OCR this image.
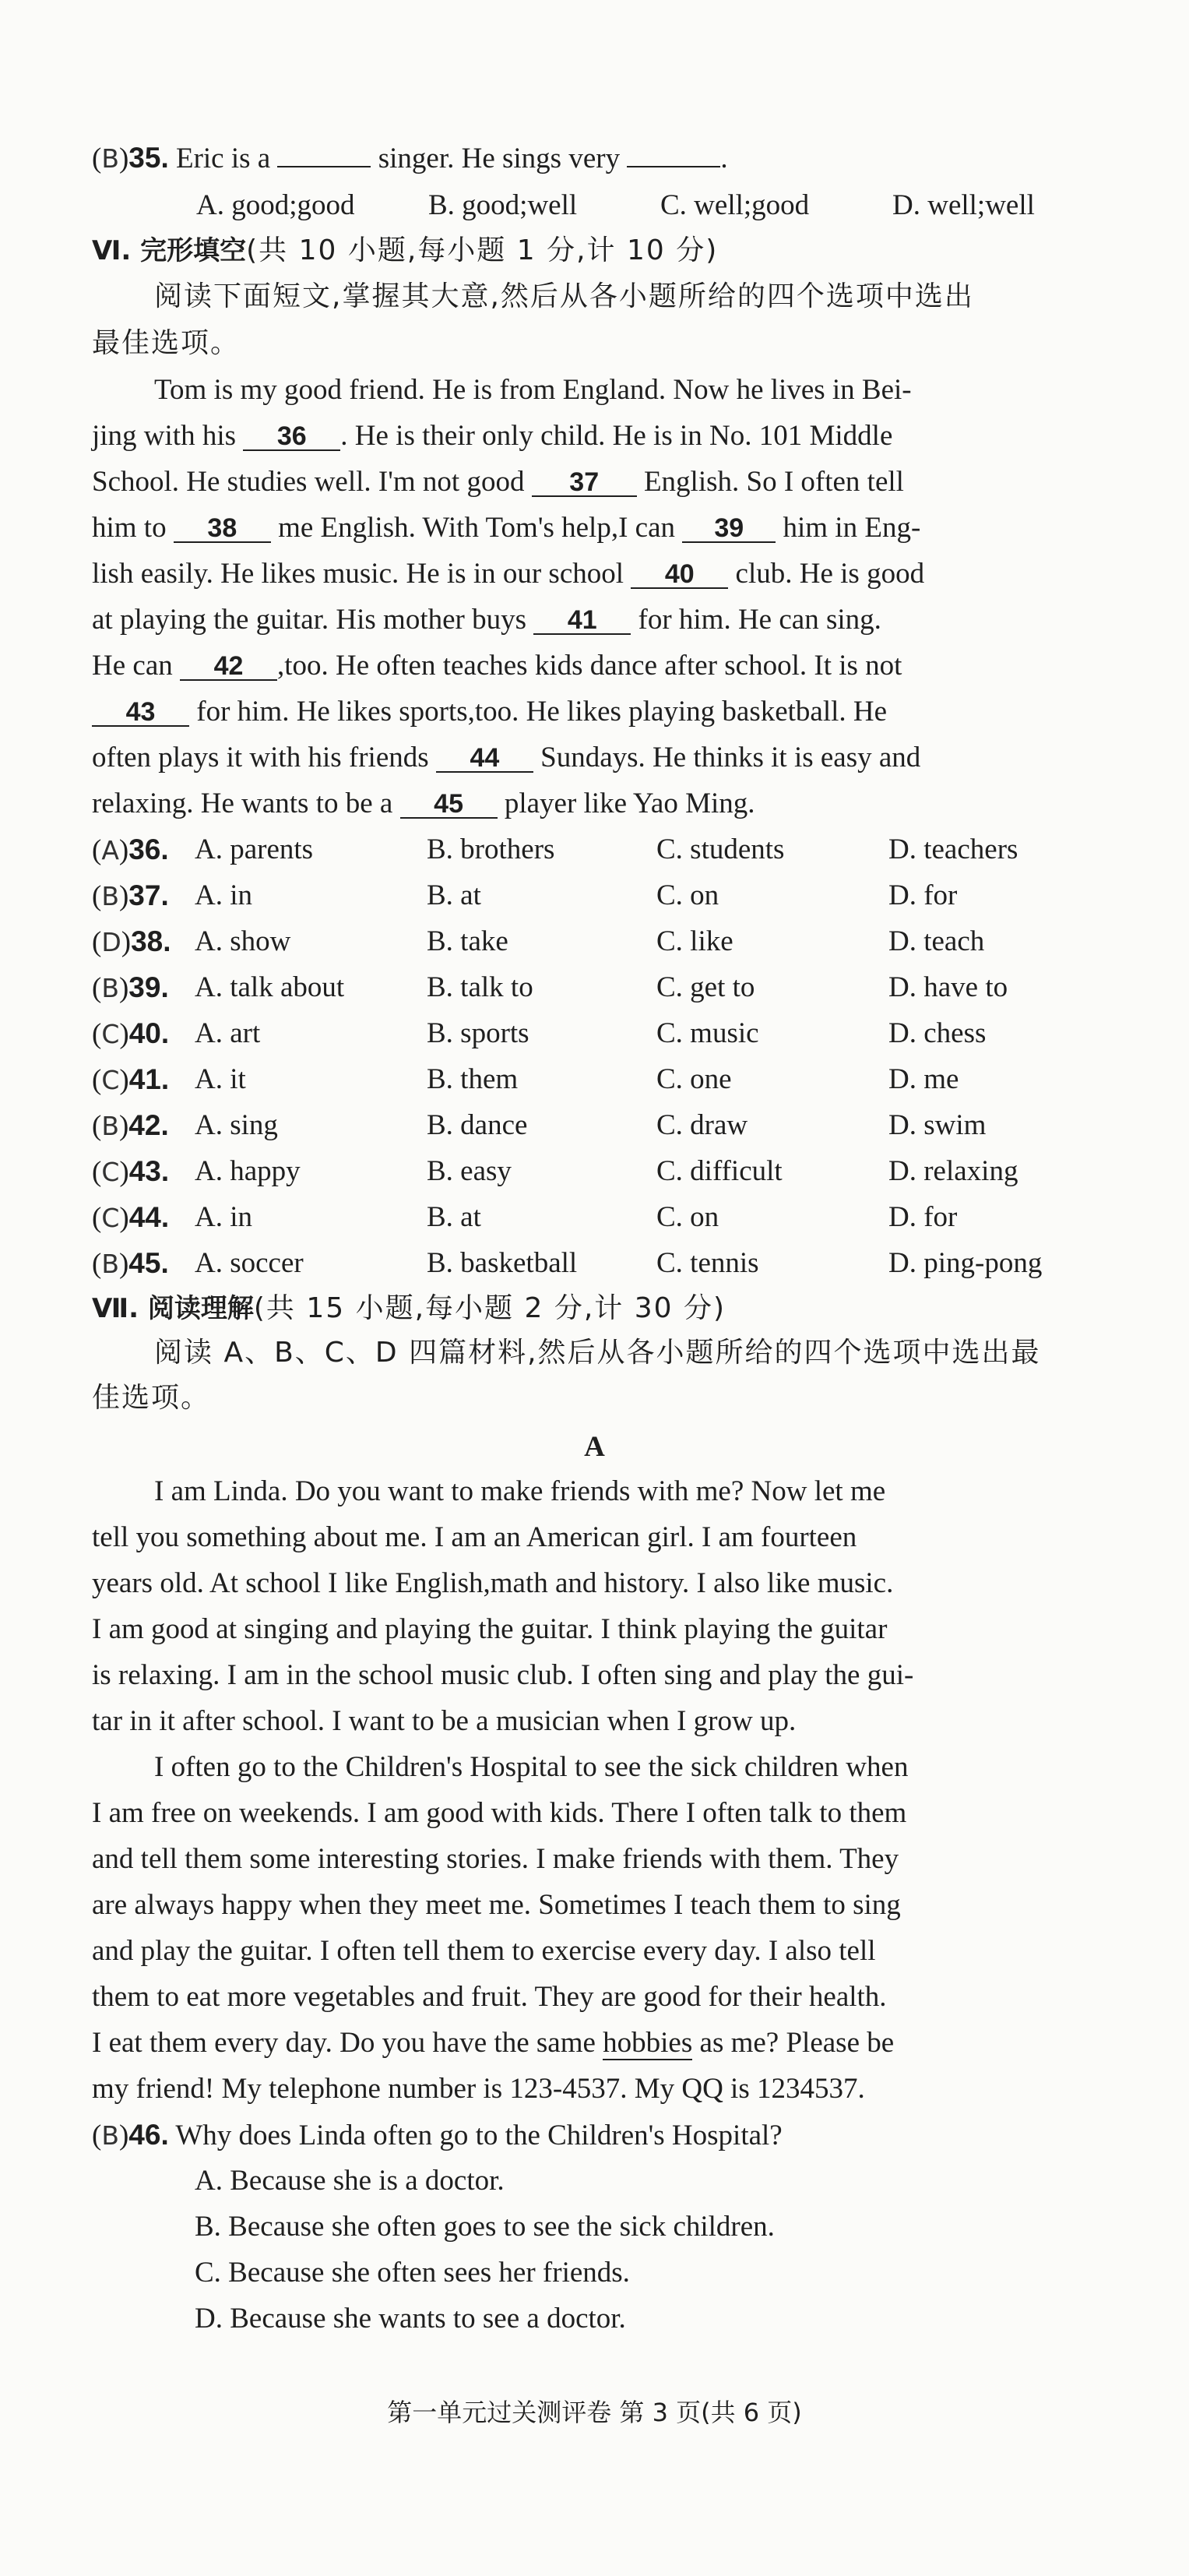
(B)35. Eric is a	singer. He sings very	.
A. good;good	B. good;well	C. well;good	D. well;well
Ⅵ. 完形填空(共 10 小题,每小题 1 分,计 10 分)
阅读下面短文,掌握其大意,然后从各小题所给的四个选项中选出
最佳选项。
Tom is my good friend. He is from England. Now he lives in Bei-
jing with his 36 . He is their only child. He is in No. 101 Middle
School. He studies well. I'm not good 37 English. So I often tell
him to 38 me English. With Tom's help,I can 39 him in Eng-
lish easily. He likes music. He is in our school 40 club. He is good
at playing the guitar. His mother buys 41 for him. He can sing.
He can 42 ,too. He often teaches kids dance after school. It is not
43 for him. He likes sports,too. He likes playing basketball. He
often plays it with his friends 44 Sundays. He thinks it is easy and
relaxing. He wants to be a 45 player like Yao Ming.
(A)36. A. parents	B. brothers	C. students	D. teachers
(B)37. A. in	B. at	C. on	D. for
(D)38. A. show	B. take	C. like	D. teach
(B)39. A. talk about	B. talk to	C. get to	D. have to
(C)40. A. art	B. sports	C. music	D. chess
(C)41. A. it	B. them	C. one	D. me
(B)42. A. sing	B. dance	C. draw	D. swim
(C)43. A. happy	B. easy	C. difficult	D. relaxing
(C)44. A. in	B. at	C. on	D. for
(B)45. A. soccer	B. basketball	C. tennis	D. ping-pong
Ⅶ. 阅读理解(共 15 小题,每小题 2 分,计 30 分)
阅读 A、B、C、D 四篇材料,然后从各小题所给的四个选项中选出最
佳选项。
A
I am Linda. Do you want to make friends with me? Now let me
tell you something about me. I am an American girl. I am fourteen
years old. At school I like English,math and history. I also like music.
I am good at singing and playing the guitar. I think playing the guitar
is relaxing. I am in the school music club. I often sing and play the gui-
tar in it after school. I want to be a musician when I grow up.
I often go to the Children's Hospital to see the sick children when
I am free on weekends. I am good with kids. There I often talk to them
and tell them some interesting stories. I make friends with them. They
are always happy when they meet me. Sometimes I teach them to sing
and play the guitar. I often tell them to exercise every day. I also tell
them to eat more vegetables and fruit. They are good for their health.
I eat them every day. Do you have the same hobbies as me? Please be
my friend! My telephone number is 123-4537. My QQ is 1234537.
(B)46. Why does Linda often go to the Children's Hospital?
A. Because she is a doctor.
B. Because she often goes to see the sick children.
C. Because she often sees her friends.
D. Because she wants to see a doctor.
第一单元过关测评卷 第 3 页(共 6 页)
